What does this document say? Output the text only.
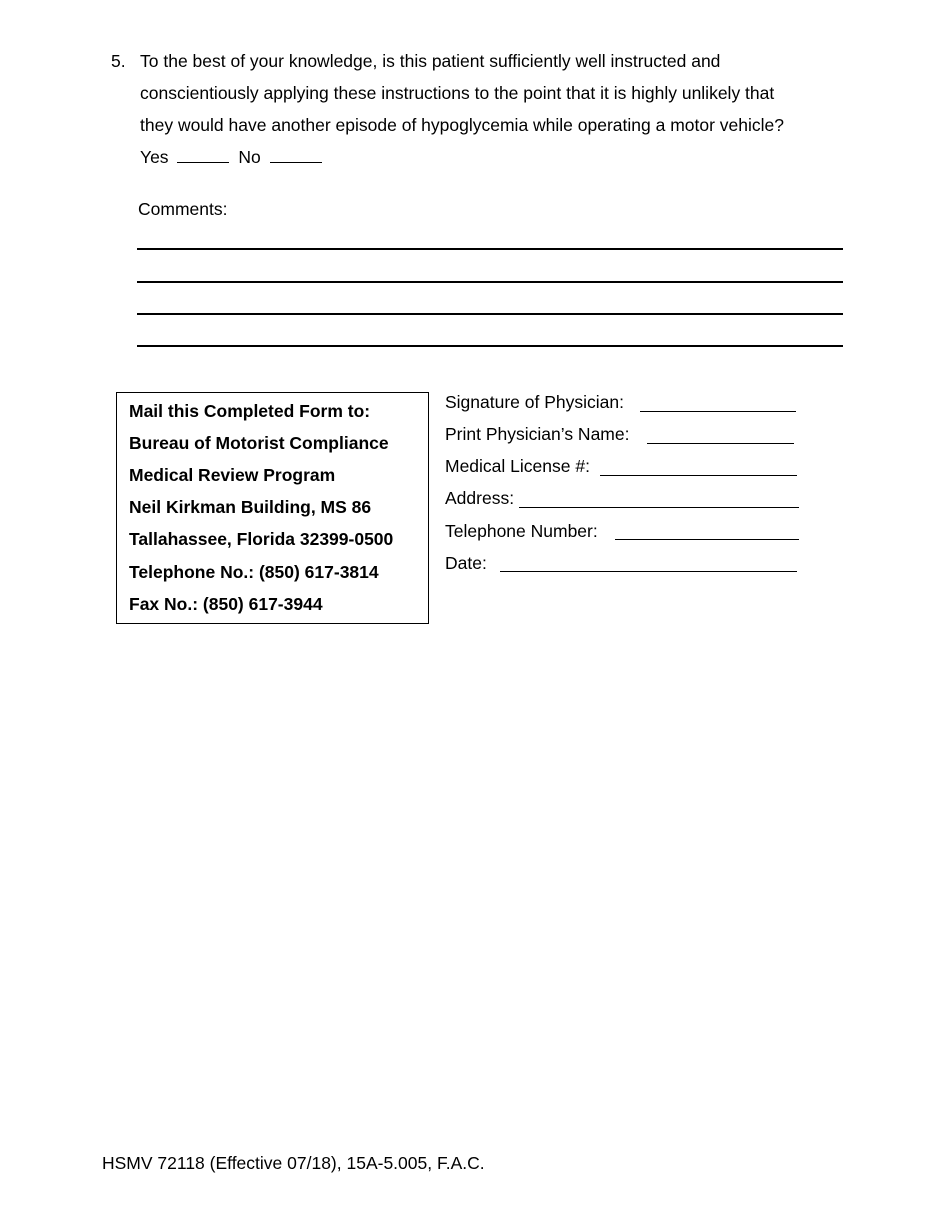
5. To the best of your knowledge, is this patient sufficiently well instructed and
conscientiously applying these instructions to the point that it is highly unlikely that
they would have another episode of hypoglycemia while operating a motor vehicle?
Yes	No
Comments:
Mail this Completed Form to:
Bureau of Motorist Compliance
Medical Review Program
Neil Kirkman Building, MS 86
Tallahassee, Florida 32399-0500
Telephone No.: (850) 617-3814
Fax No.: (850) 617-3944
Signature of Physician:
Print Physician’s Name:
Medical License #:
Address:
Telephone Number:
Date:
HSMV 72118 (Effective 07/18), 15A-5.005, F.A.C.
